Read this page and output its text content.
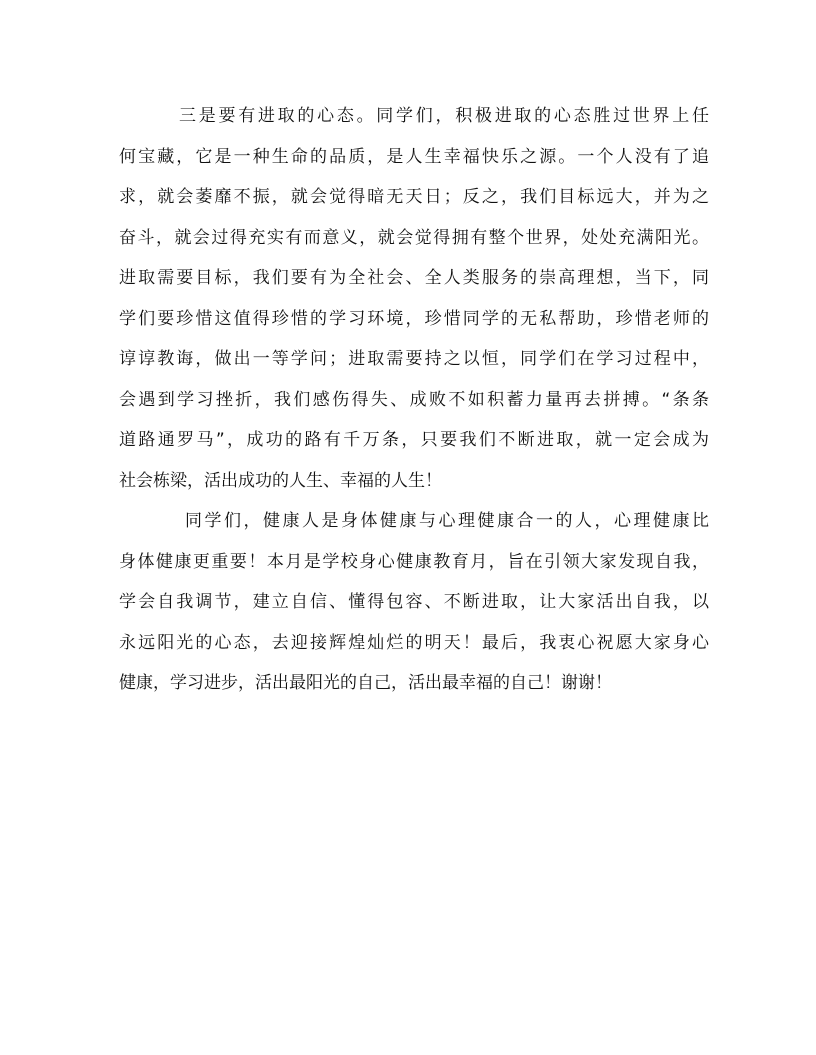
三是要有进取的心态。同学们，积极进取的心态胜过世界上任
何宝藏，它是一种生命的品质，是人生幸福快乐之源。一个人没有了追
求，就会萎靡不振，就会觉得暗无天日；反之，我们目标远大，并为之
奋斗，就会过得充实有而意义，就会觉得拥有整个世界，处处充满阳光。
进取需要目标，我们要有为全社会、全人类服务的崇高理想，当下，同
学们要珍惜这值得珍惜的学习环境，珍惜同学的无私帮助，珍惜老师的
谆谆教诲，做出一等学问；进取需要持之以恒，同学们在学习过程中，
会遇到学习挫折，我们感伤得失、成败不如积蓄力量再去拼搏。“条条
道路通罗马”，成功的路有千万条，只要我们不断进取，就一定会成为
社会栋梁，活出成功的人生、幸福的人生！
同学们，健康人是身体健康与心理健康合一的人，心理健康比
身体健康更重要！本月是学校身心健康教育月，旨在引领大家发现自我，
学会自我调节，建立自信、懂得包容、不断进取，让大家活出自我，以
永远阳光的心态，去迎接辉煌灿烂的明天！最后，我衷心祝愿大家身心
健康，学习进步，活出最阳光的自己，活出最幸福的自己！谢谢！
